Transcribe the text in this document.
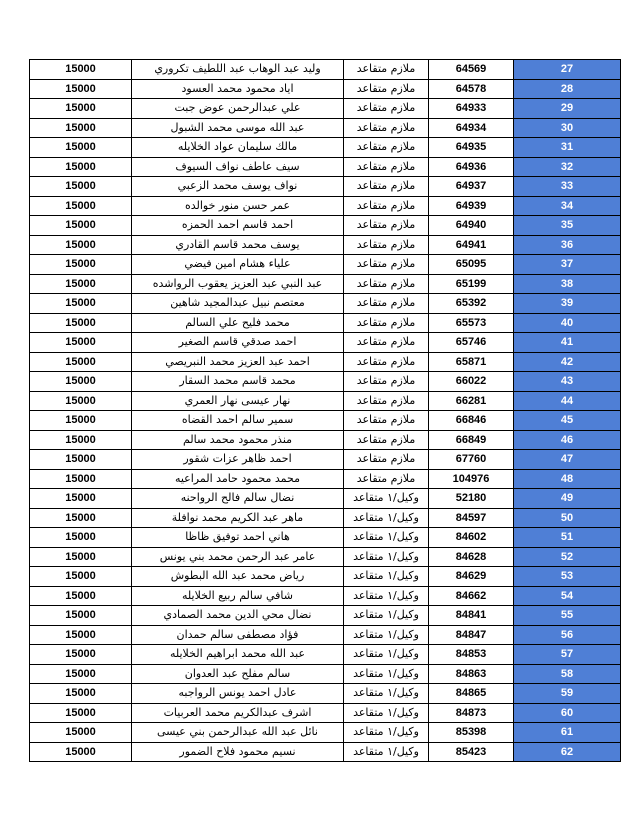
15000	وليد عبد الوهاب عبد اللطيف تكروري	ملازم متقاعد	64569	27
15000	اياد محمود محمد العسود	ملازم متقاعد	64578	28
15000	علي عبدالرحمن عوض جبت	ملازم متقاعد	64933	29
15000	عبد الله موسى محمد الشبول	ملازم متقاعد	64934	30
15000	مالك سليمان عواد الخلايله	ملازم متقاعد	64935	31
15000	سيف عاطف نواف السيوف	ملازم متقاعد	64936	32
15000	نواف يوسف محمد الزعبي	ملازم متقاعد	64937	33
15000	عمر حسن منور خوالده	ملازم متقاعد	64939	34
15000	احمد قاسم احمد الحمزه	ملازم متقاعد	64940	35
15000	يوسف محمد قاسم القادري	ملازم متقاعد	64941	36
15000	علياء هشام امين فيضي	ملازم متقاعد	65095	37
15000	عبد النبي عبد العزيز يعقوب الرواشده	ملازم متقاعد	65199	38
15000	معتصم نبيل عبدالمجيد شاهين	ملازم متقاعد	65392	39
15000	محمد فليح علي السالم	ملازم متقاعد	65573	40
15000	احمد صدقي قاسم الصغير	ملازم متقاعد	65746	41
15000	احمد عبد العزيز محمد النبريصي	ملازم متقاعد	65871	42
15000	محمد قاسم محمد السقار	ملازم متقاعد	66022	43
15000	نهار عيسى نهار العمري	ملازم متقاعد	66281	44
15000	سمير سالم احمد القضاه	ملازم متقاعد	66846	45
15000	منذر محمود محمد سالم	ملازم متقاعد	66849	46
15000	احمد ظاهر عزات شقور	ملازم متقاعد	67760	47
15000	محمد محمود حامد المراعيه	ملازم متقاعد	104976	48
15000	نضال سالم فالح الرواحنه	وكيل/١ متقاعد	52180	49
15000	ماهر عبد الكريم محمد نوافلة	وكيل/١ متقاعد	84597	50
15000	هاني احمد توفيق ظاظا	وكيل/١ متقاعد	84602	51
15000	عامر عبد الرحمن محمد بني يونس	وكيل/١ متقاعد	84628	52
15000	رياض محمد عبد الله البطوش	وكيل/١ متقاعد	84629	53
15000	شافي سالم ربيع الخلايله	وكيل/١ متقاعد	84662	54
15000	نضال محي الدين محمد الصمادي	وكيل/١ متقاعد	84841	55
15000	فؤاد مصطفى سالم حمدان	وكيل/١ متقاعد	84847	56
15000	عبد الله محمد ابراهيم الخلايله	وكيل/١ متقاعد	84853	57
15000	سالم مفلح عبد العدوان	وكيل/١ متقاعد	84863	58
15000	عادل احمد يونس الرواجبه	وكيل/١ متقاعد	84865	59
15000	اشرف عبدالكريم محمد العربيات	وكيل/١ متقاعد	84873	60
15000	نائل عبد الله عبدالرحمن بني عيسى	وكيل/١ متقاعد	85398	61
15000	نسيم محمود فلاح الضمور	وكيل/١ متقاعد	85423	62
